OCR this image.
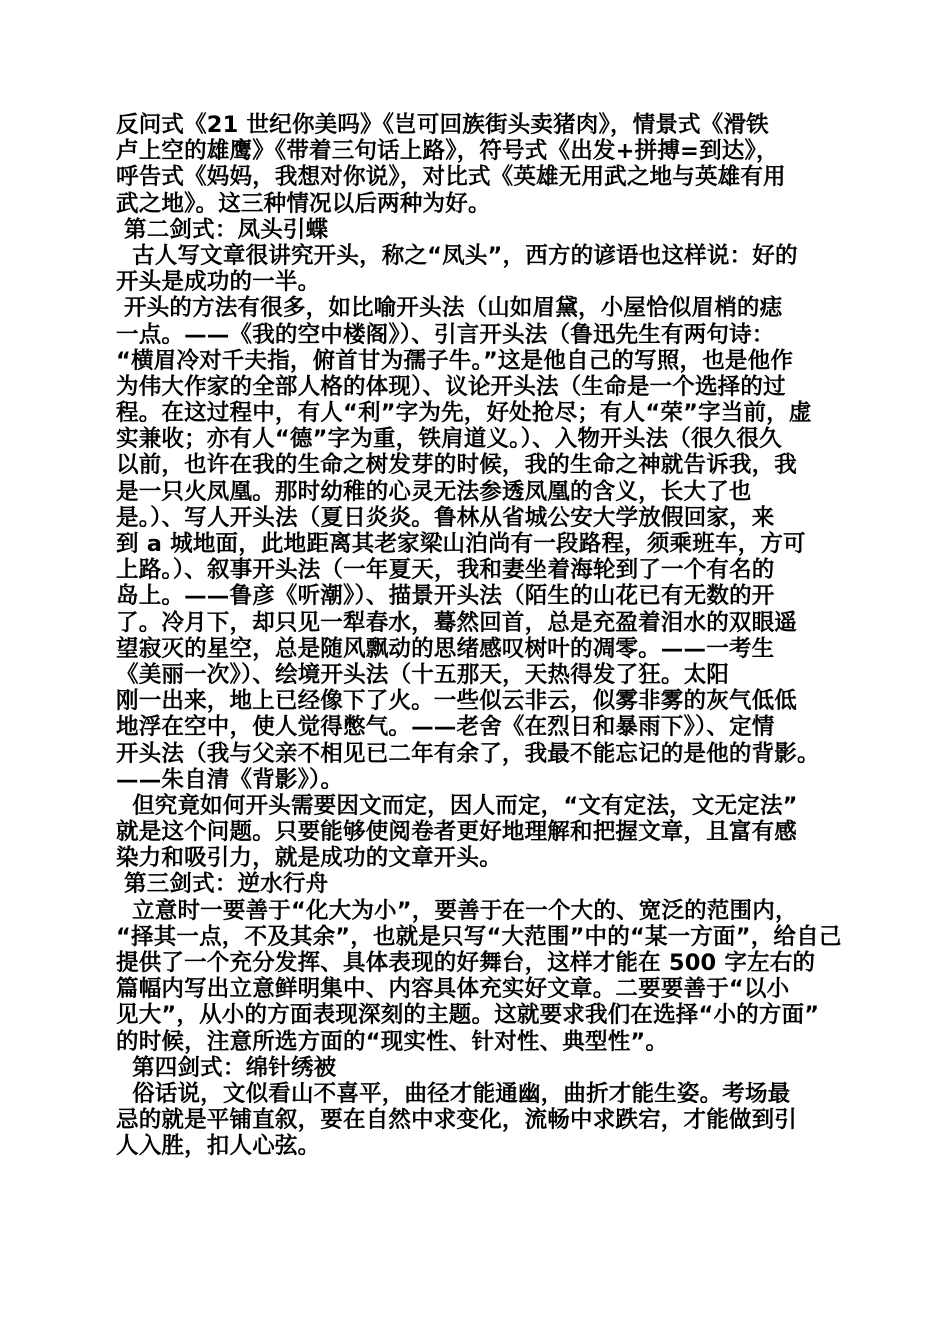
反问式《21 世纪你美吗》《岂可回族街头卖猪肉》，情景式《滑铁
卢上空的雄鹰》《带着三句话上路》，符号式《出发+拼搏=到达》，
呼告式《妈妈，我想对你说》，对比式《英雄无用武之地与英雄有用
武之地》。这三种情况以后两种为好。
第二剑式：凤头引蝶
古人写文章很讲究开头，称之“凤头”，西方的谚语也这样说：好的
开头是成功的一半。
开头的方法有很多，如比喻开头法（山如眉黛，小屋恰似眉梢的痣
一点。——《我的空中楼阁》）、引言开头法（鲁迅先生有两句诗：
“横眉冷对千夫指，俯首甘为孺子牛。”这是他自己的写照，也是他作
为伟大作家的全部人格的体现）、议论开头法（生命是一个选择的过
程。在这过程中，有人“利”字为先，好处抢尽；有人“荣”字当前，虚
实兼收；亦有人“德”字为重，铁肩道义。）、入物开头法（很久很久
以前，也许在我的生命之树发芽的时候，我的生命之神就告诉我，我
是一只火凤凰。那时幼稚的心灵无法参透凤凰的含义，长大了也
是。）、写人开头法（夏日炎炎。鲁林从省城公安大学放假回家，来
到 a 城地面，此地距离其老家梁山泊尚有一段路程，须乘班车，方可
上路。）、叙事开头法（一年夏天，我和妻坐着海轮到了一个有名的
岛上。——鲁彦《听潮》）、描景开头法（陌生的山花已有无数的开
了。冷月下，却只见一犁春水，蓦然回首，总是充盈着泪水的双眼遥
望寂灭的星空，总是随风飘动的思绪感叹树叶的凋零。——一考生
《美丽一次》）、绘境开头法（十五那天，天热得发了狂。太阳
刚一出来，地上已经像下了火。一些似云非云，似雾非雾的灰气低低
地浮在空中，使人觉得憋气。——老舍《在烈日和暴雨下》）、定情
开头法（我与父亲不相见已二年有余了，我最不能忘记的是他的背影。
——朱自清《背影》）。
但究竟如何开头需要因文而定，因人而定，“文有定法，文无定法”
就是这个问题。只要能够使阅卷者更好地理解和把握文章，且富有感
染力和吸引力，就是成功的文章开头。
第三剑式：逆水行舟
立意时一要善于“化大为小”，要善于在一个大的、宽泛的范围内，
“择其一点，不及其余”，也就是只写“大范围”中的“某一方面”，给自己
提供了一个充分发挥、具体表现的好舞台，这样才能在 500 字左右的
篇幅内写出立意鲜明集中、内容具体充实好文章。二要要善于“以小
见大”，从小的方面表现深刻的主题。这就要求我们在选择“小的方面”
的时候，注意所选方面的“现实性、针对性、典型性”。
第四剑式：绵针绣被
俗话说，文似看山不喜平，曲径才能通幽，曲折才能生姿。考场最
忌的就是平铺直叙，要在自然中求变化，流畅中求跌宕，才能做到引
人入胜，扣人心弦。
